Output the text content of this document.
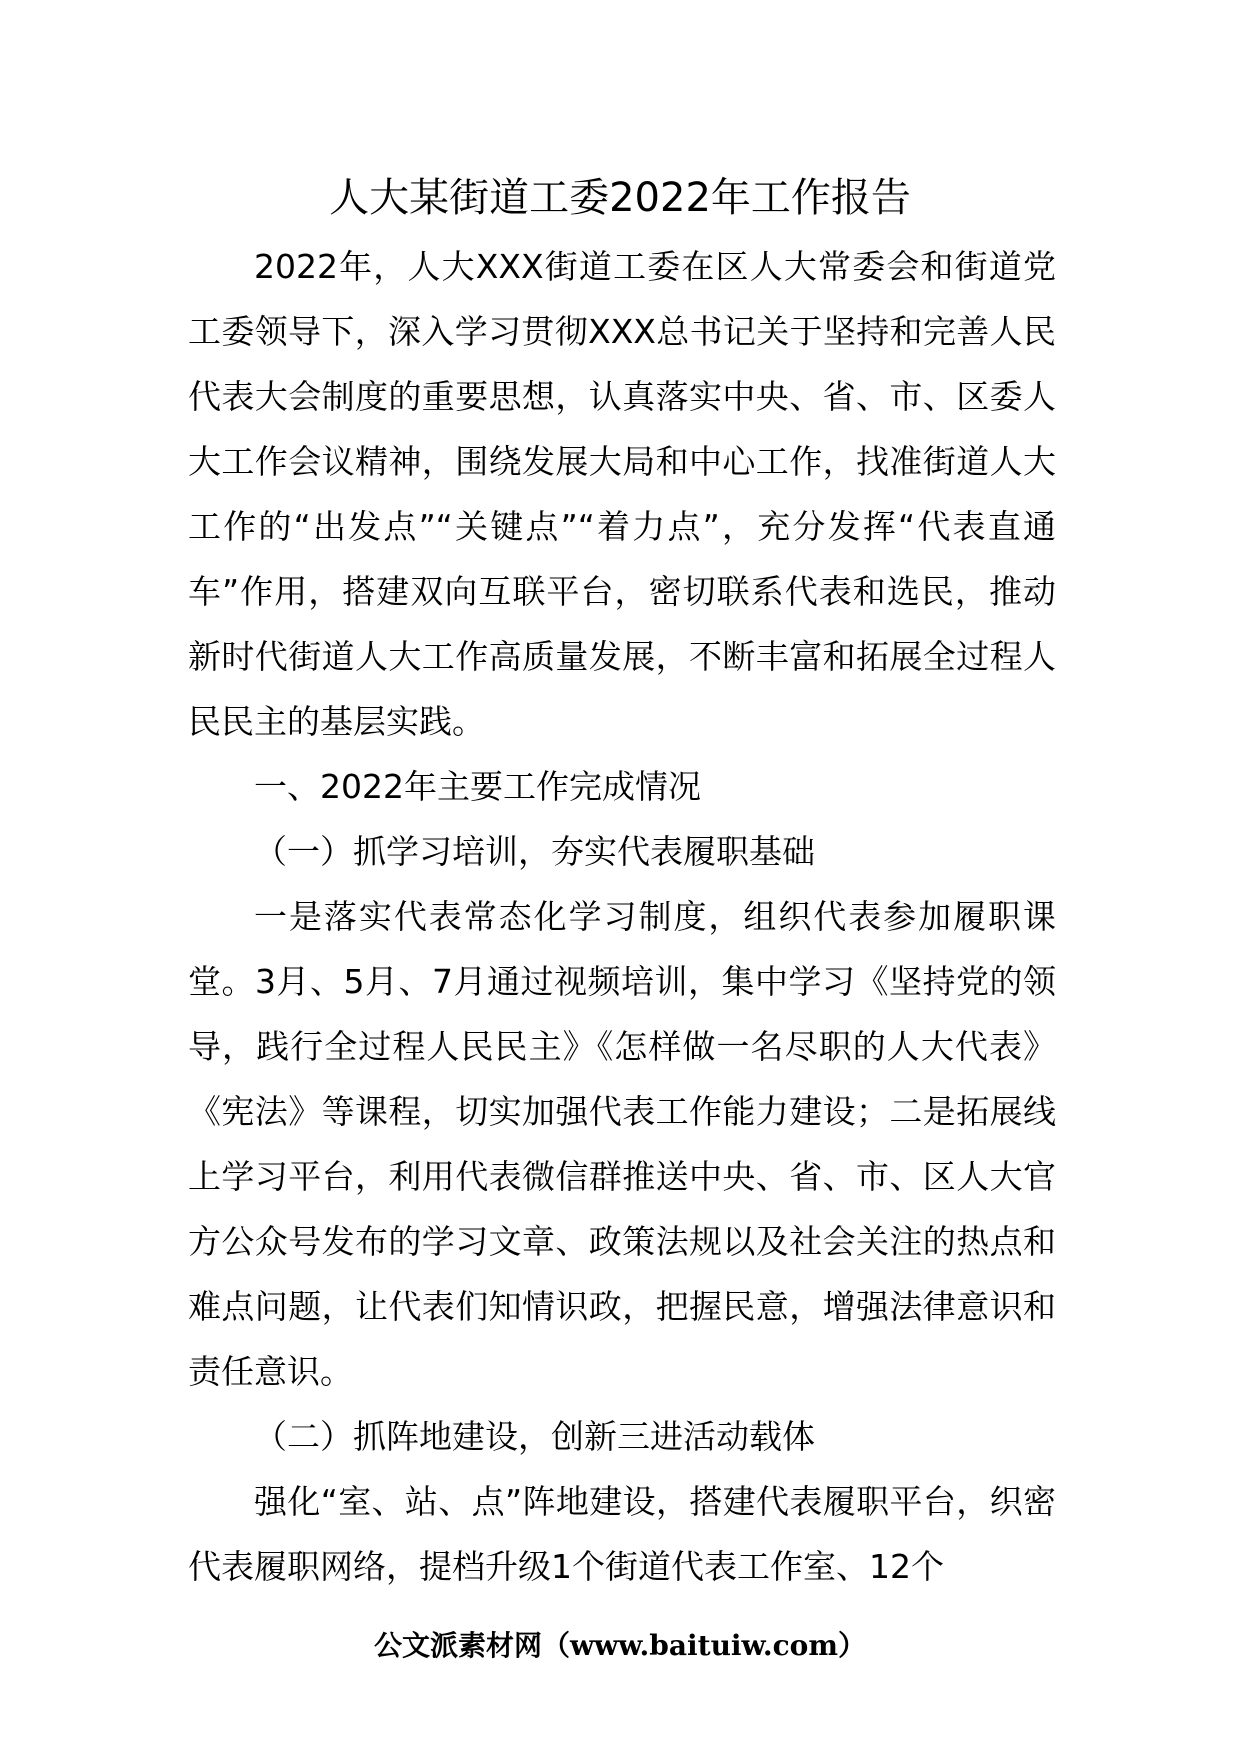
人大某街道工委2022年工作报告

2022年，人大XXX街道工委在区人大常委会和街道党工委领导下，深入学习贯彻XXX总书记关于坚持和完善人民代表大会制度的重要思想，认真落实中央、省、市、区委人大工作会议精神，围绕发展大局和中心工作，找准街道人大工作的“出发点”“关键点”“着力点”，充分发挥“代表直通车”作用，搭建双向互联平台，密切联系代表和选民，推动新时代街道人大工作高质量发展，不断丰富和拓展全过程人民民主的基层实践。

一、2022年主要工作完成情况

（一）抓学习培训，夯实代表履职基础

一是落实代表常态化学习制度，组织代表参加履职课堂。3月、5月、7月通过视频培训，集中学习《坚持党的领导，践行全过程人民民主》《怎样做一名尽职的人大代表》《宪法》等课程，切实加强代表工作能力建设；二是拓展线上学习平台，利用代表微信群推送中央、省、市、区人大官方公众号发布的学习文章、政策法规以及社会关注的热点和难点问题，让代表们知情识政，把握民意，增强法律意识和责任意识。

（二）抓阵地建设，创新三进活动载体

强化“室、站、点”阵地建设，搭建代表履职平台，织密代表履职网络，提档升级1个街道代表工作室、12个

公文派素材网（www.baituiw.com）
